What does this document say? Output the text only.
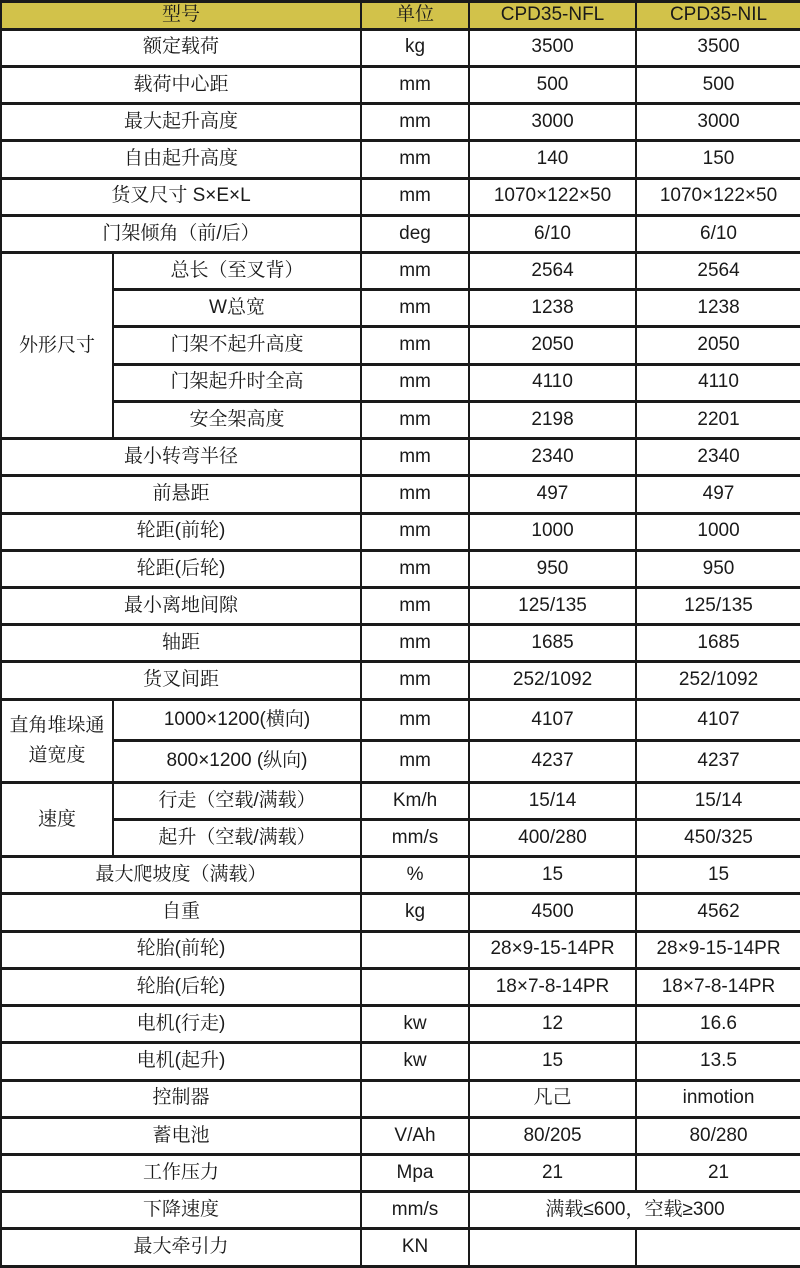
型号		单位	CPD35-NFL	CPD35-NIL
额定载荷		kg	3500	3500
载荷中心距		mm	500	500
最大起升高度		mm	3000	3000
自由起升高度		mm	140	150
货叉尺寸 S×E×L		mm	1070×122×50	1070×122×50
门架倾角（前/后）		deg	6/10	6/10
外形尺寸	总长（至叉背）	mm	2564	2564
	W总宽	mm	1238	1238
	门架不起升高度	mm	2050	2050
	门架起升时全高	mm	4110	4110
	安全架高度	mm	2198	2201
最小转弯半径		mm	2340	2340
前悬距		mm	497	497
轮距(前轮)		mm	1000	1000
轮距(后轮)		mm	950	950
最小离地间隙		mm	125/135	125/135
轴距		mm	1685	1685
货叉间距		mm	252/1092	252/1092
直角堆垛通道宽度	1000×1200(横向)	mm	4107	4107
	800×1200 (纵向)	mm	4237	4237
速度	行走（空载/满载）	Km/h	15/14	15/14
	起升（空载/满载）	mm/s	400/280	450/325
最大爬坡度（满载）		%	15	15
自重		kg	4500	4562
轮胎(前轮)			28×9-15-14PR	28×9-15-14PR
轮胎(后轮)			18×7-8-14PR	18×7-8-14PR
电机(行走)		kw	12	16.6
电机(起升)		kw	15	13.5
控制器			凡己	inmotion
蓄电池		V/Ah	80/205	80/280
工作压力		Mpa	21	21
下降速度		mm/s	满载≤600，空载≥300	
最大牵引力		KN		
